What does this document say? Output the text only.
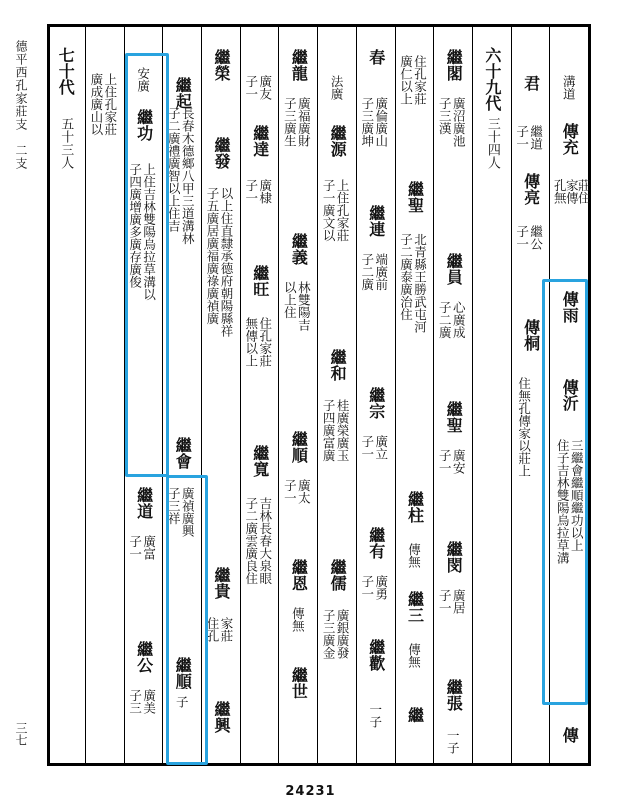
德平西孔家莊支　二支
三七
溝道
傳充
孔無
家傳
莊住
傳雨
傳沂
住子吉林雙陽烏拉草溝 三繼會繼順繼功以上
傳
君
繼道
子一
傳亮
繼公
子一
傳桐
住無孔傳家以莊上
六十九代
三十四人
繼閣
廣沼廣池
子三漢
繼員
心廣成
子二廣
繼聖
廣安
子一
繼閔
廣居
子一
繼張
一子
住孔家莊
廣仁以上
繼聖
北青縣王勝武屯河
子二廣泰廣治住
繼柱
傳無
繼三
傳無
繼
春
廣倫廣山
子三廣坤
繼連
端廣前
子二廣
繼宗
廣立
子一
繼有
廣勇
子一
繼歡
一子
法廣
繼源
上住孔家莊
子一廣文以
繼和
桂廣榮廣玉
子四廣富廣
繼儒
廣銀廣發
子三廣金
繼龍
廣福廣財
子三廣生
繼義
林雙陽吉
以上住
繼順
廣太
子一
繼恩
傳無
繼世
廣友
子一
繼達
廣棣
子一
繼旺
住孔家莊
無傳以上
繼寬
吉林長春大泉眼
子二廣雲廣良住
繼榮
繼發
以上住直隸承德府朝陽縣祥
子五廣居廣福廣祿廣禎廣
繼貴
家莊
住孔
繼興
繼起
長春木德鄉八甲三道溝林
子二廣禮廣智以上住吉
繼會
廣禎廣興
子三祥
繼順
一子
安廣
繼功
上住吉林雙陽烏拉草溝以
子四廣增廣多廣存廣俊
繼道
廣富
子一
繼公
廣美
子三
上住孔家莊
廣成廣山以
七十代
五十三人
24231
